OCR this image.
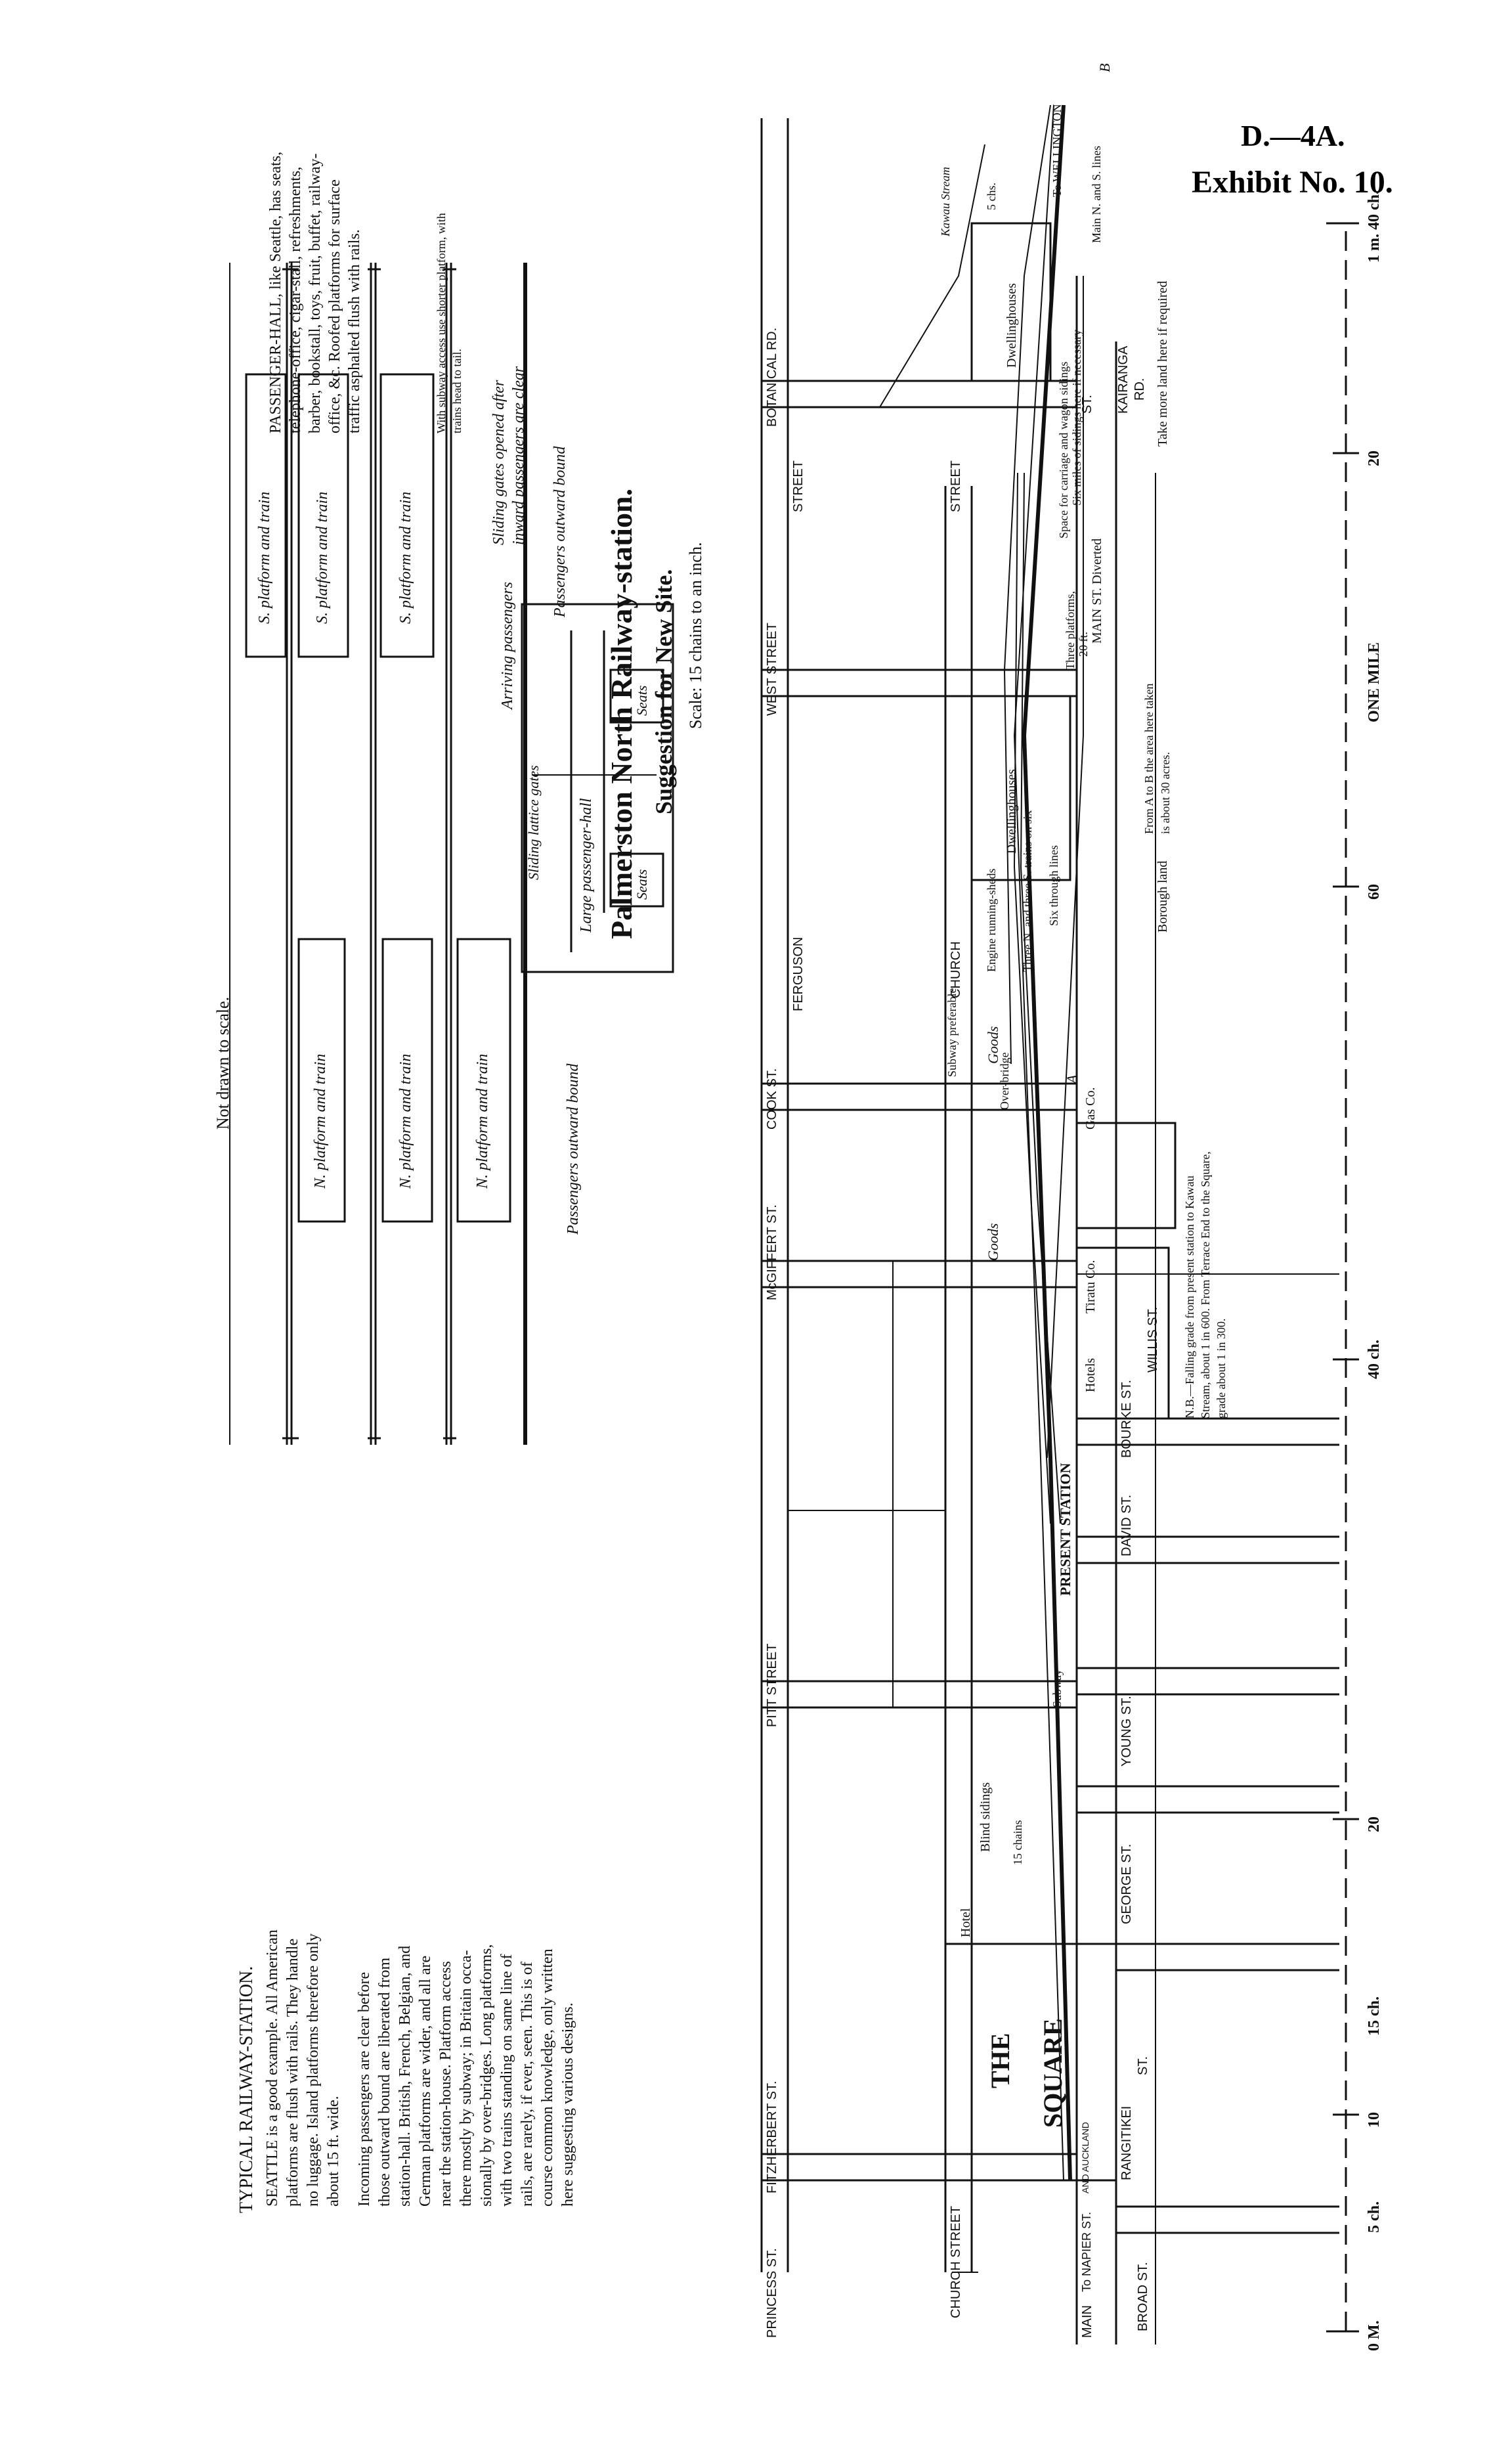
D.—4A.
Exhibit No. 10.
TYPICAL RAILWAY-STATION. SEATTLE is a good example. All American platforms are flush with rails. They handle no luggage. Island platforms therefore only about 15 ft. wide. Incoming passengers are clear before those outward bound are liberated from station-hall. British, French, Belgian, and German platforms are wider, and all are near the station-house. Platform access there mostly by subway; in Britain occa- sionally by over-bridges. Long platforms, with two trains standing on same line of rails, are rarely, if ever, seen. This is of course common knowledge, only written here suggesting various designs.
Not drawn to scale.	N. platform and train	N. platform and train	N. platform and train
S. platform and train	S. platform and train	S. platform and train
Arriving passengers
Sliding lattice gates Large passenger-hall	Seats
Seats
Passengers outward bound
Passengers outward bound
Sliding gates opened after inward passengers are clear
PASSENGER-HALL, like Seattle, has seats, telephone-office, cigar-stall, refreshments, barber, bookstall, toys, fruit, buffet, railway- office, &c. Roofed platforms for surface traffic asphalted flush with rails.	With subway access use shorter platform, with trains head to tail.
Palmerston North Railway-station. Suggestion for New Site. Scale: 15 chains to an inch.
PRINCESS ST.
FITZHERBERT ST.
PITT STREET
McGIFFERT ST.
COOK ST.
WEST STREET
BOTANICAL RD.
FERGUSON
STREET
CHURCH STREET
CHURCH
STREET
MAIN
ST.
To NAPIER ST.
AND AUCKLAND RANGITIKEI
ST.
BROAD ST.
GEORGE ST.
YOUNG ST.
DAVID ST.
BOURKE ST.
WILLIS ST.
KAIRANGA RD.
THE SQUARE
Hotel
Blind sidings 15 chains
Subway
PRESENT STATION
Hotels
Tiratu Co.
Goods
Goods
Over-bridge
Subway preferable
Engine running-sheds
Gas Co.
Borough land
A
B
Three N. and three S. trains on six Six through lines
MAIN ST. Diverted
Three platforms, 20 ft.
Dwellinghouses
Dwellinghouses
5 chs.
Space for carriage and wagon sidings Six miles of sidings here if necessary
Main N. and S. lines
Take more land here if required
Kawau Stream
To WELLINGTON
From A to B the area here taken is about 30 acres.
N.B.—Falling grade from present station to Kawau Stream, about 1 in 600. From Terrace End to the Square, grade about 1 in 300.
0 M.
5 ch.
10
15 ch.
20
40 ch.
60
ONE MILE
20
1 m. 40 ch.
